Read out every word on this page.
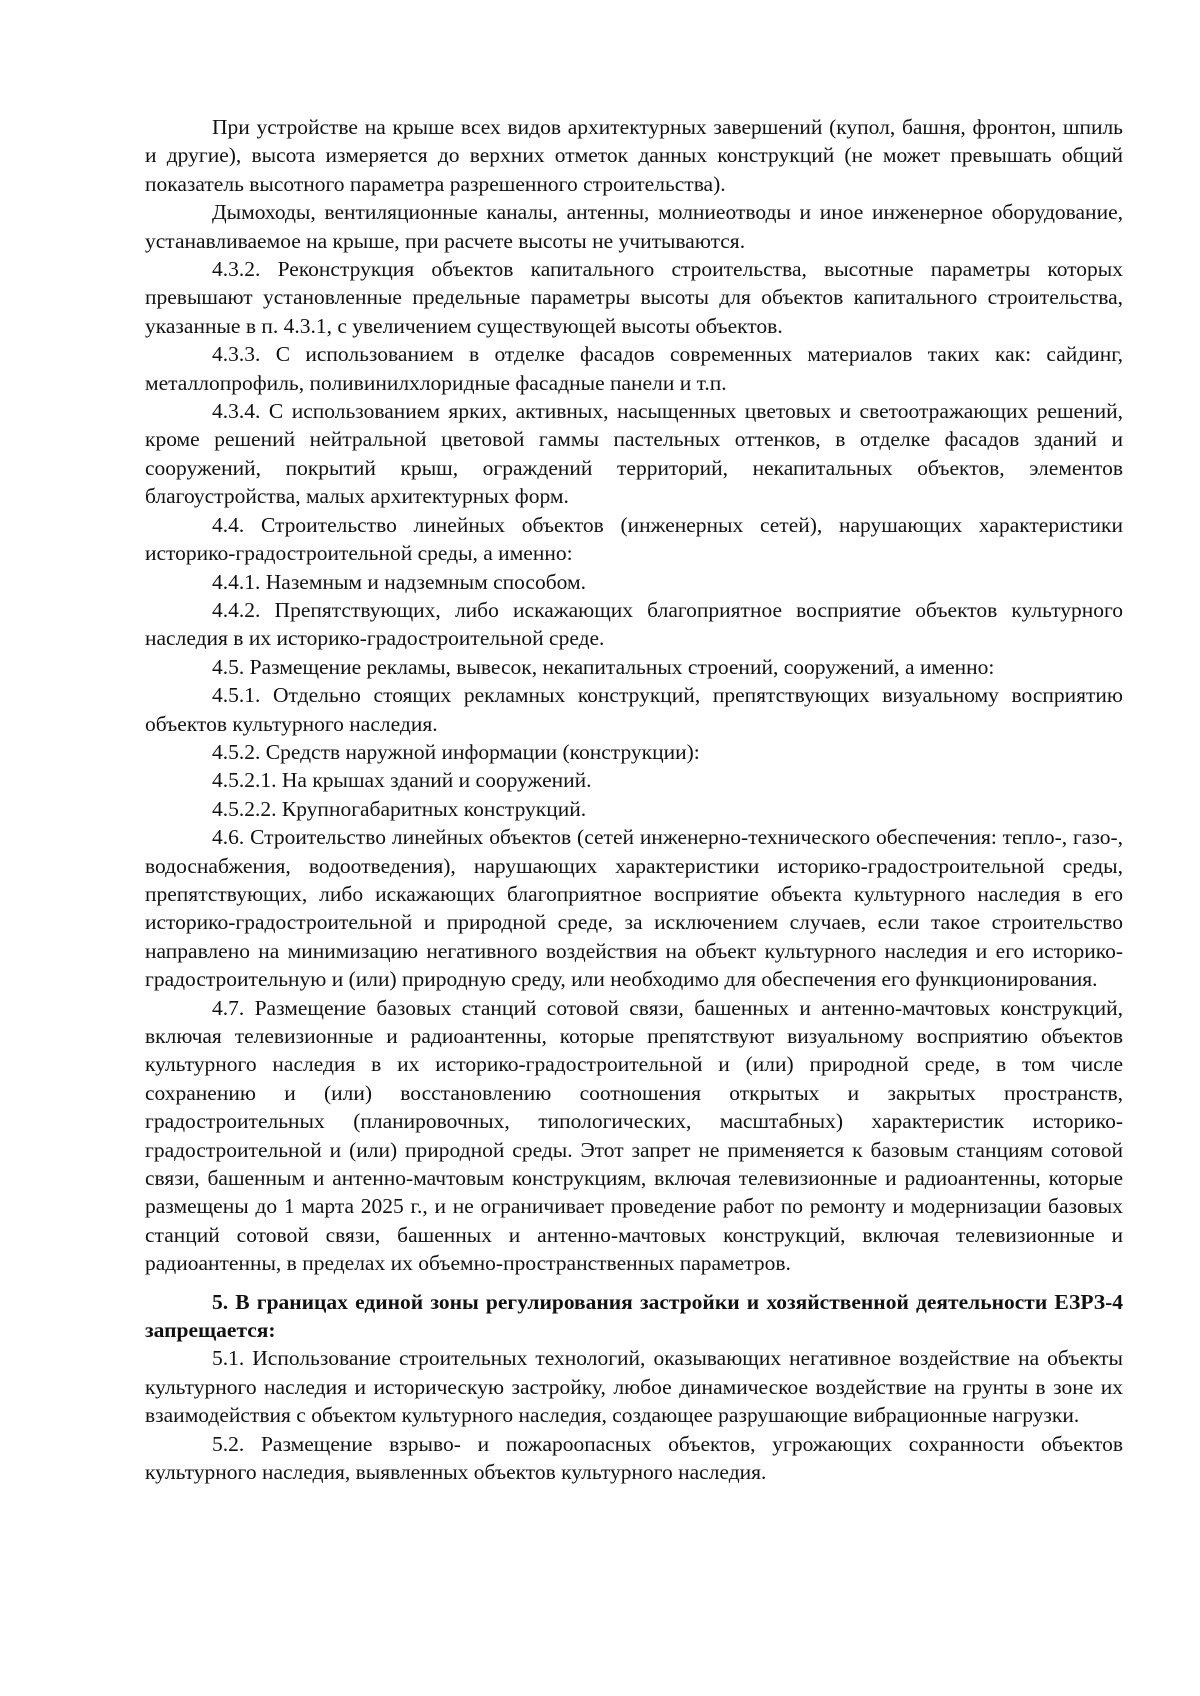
При устройстве на крыше всех видов архитектурных завершений (купол, башня, фронтон, шпиль и другие), высота измеряется до верхних отметок данных конструкций (не может превышать общий показатель высотного параметра разрешенного строительства).

Дымоходы, вентиляционные каналы, антенны, молниеотводы и иное инженерное оборудование, устанавливаемое на крыше, при расчете высоты не учитываются.

4.3.2. Реконструкция объектов капитального строительства, высотные параметры которых превышают установленные предельные параметры высоты для объектов капитального строительства, указанные в п. 4.3.1, с увеличением существующей высоты объектов.

4.3.3. С использованием в отделке фасадов современных материалов таких как: сайдинг, металлопрофиль, поливинилхлоридные фасадные панели и т.п.

4.3.4. С использованием ярких, активных, насыщенных цветовых и светоотражающих решений, кроме решений нейтральной цветовой гаммы пастельных оттенков, в отделке фасадов зданий и сооружений, покрытий крыш, ограждений территорий, некапитальных объектов, элементов благоустройства, малых архитектурных форм.

4.4. Строительство линейных объектов (инженерных сетей), нарушающих характеристики историко-градостроительной среды, а именно:

4.4.1. Наземным и надземным способом.

4.4.2. Препятствующих, либо искажающих благоприятное восприятие объектов культурного наследия в их историко-градостроительной среде.

4.5. Размещение рекламы, вывесок, некапитальных строений, сооружений, а именно:

4.5.1. Отдельно стоящих рекламных конструкций, препятствующих визуальному восприятию объектов культурного наследия.

4.5.2. Средств наружной информации (конструкции):

4.5.2.1. На крышах зданий и сооружений.

4.5.2.2. Крупногабаритных конструкций.

4.6. Строительство линейных объектов (сетей инженерно-технического обеспечения: тепло-, газо-, водоснабжения, водоотведения), нарушающих характеристики историко-градостроительной среды, препятствующих, либо искажающих благоприятное восприятие объекта культурного наследия в его историко-градостроительной и природной среде, за исключением случаев, если такое строительство направлено на минимизацию негативного воздействия на объект культурного наследия и его историко-градостроительную и (или) природную среду, или необходимо для обеспечения его функционирования.

4.7. Размещение базовых станций сотовой связи, башенных и антенно-мачтовых конструкций, включая телевизионные и радиоантенны, которые препятствуют визуальному восприятию объектов культурного наследия в их историко-градостроительной и (или) природной среде, в том числе сохранению и (или) восстановлению соотношения открытых и закрытых пространств, градостроительных (планировочных, типологических, масштабных) характеристик историко-градостроительной и (или) природной среды. Этот запрет не применяется к базовым станциям сотовой связи, башенным и антенно-мачтовым конструкциям, включая телевизионные и радиоантенны, которые размещены до 1 марта 2025 г., и не ограничивает проведение работ по ремонту и модернизации базовых станций сотовой связи, башенных и антенно-мачтовых конструкций, включая телевизионные и радиоантенны, в пределах их объемно-пространственных параметров.

5. В границах единой зоны регулирования застройки и хозяйственной деятельности ЕЗРЗ-4 запрещается:

5.1. Использование строительных технологий, оказывающих негативное воздействие на объекты культурного наследия и историческую застройку, любое динамическое воздействие на грунты в зоне их взаимодействия с объектом культурного наследия, создающее разрушающие вибрационные нагрузки.

5.2. Размещение взрыво- и пожароопасных объектов, угрожающих сохранности объектов культурного наследия, выявленных объектов культурного наследия.
